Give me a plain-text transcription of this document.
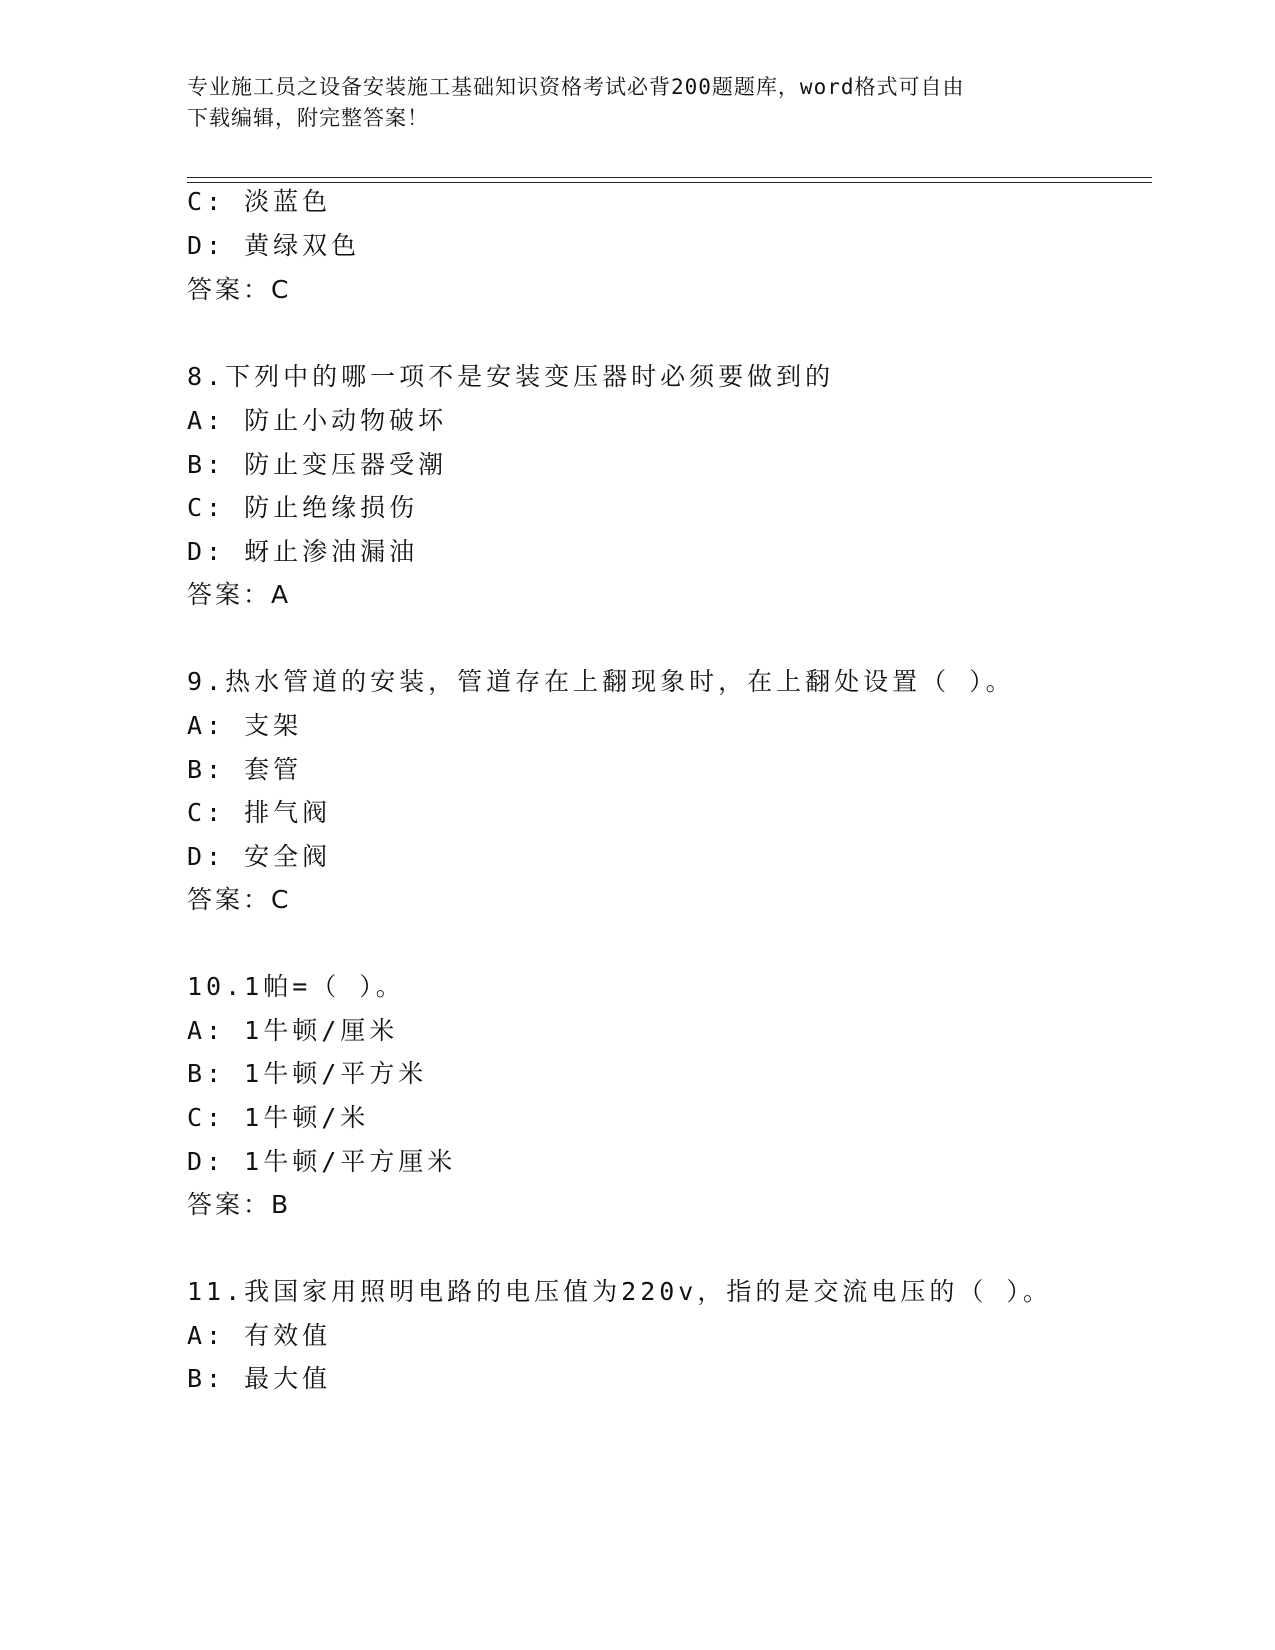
专业施工员之设备安装施工基础知识资格考试必背200题题库，word格式可自由
下载编辑，附完整答案！
C: 淡蓝色
D: 黄绿双色
答案：C
8.下列中的哪一项不是安装变压器时必须要做到的
A: 防止小动物破坏
B: 防止变压器受潮
C: 防止绝缘损伤
D: 蚜止渗油漏油
答案：A
9.热水管道的安装，管道存在上翻现象时，在上翻处设置（ ）。
A: 支架
B: 套管
C: 排气阀
D: 安全阀
答案：C
10.1帕=（ ）。
A: 1牛顿/厘米
B: 1牛顿/平方米
C: 1牛顿/米
D: 1牛顿/平方厘米
答案：B
11.我国家用照明电路的电压值为220v，指的是交流电压的（ ）。
A: 有效值
B: 最大值
